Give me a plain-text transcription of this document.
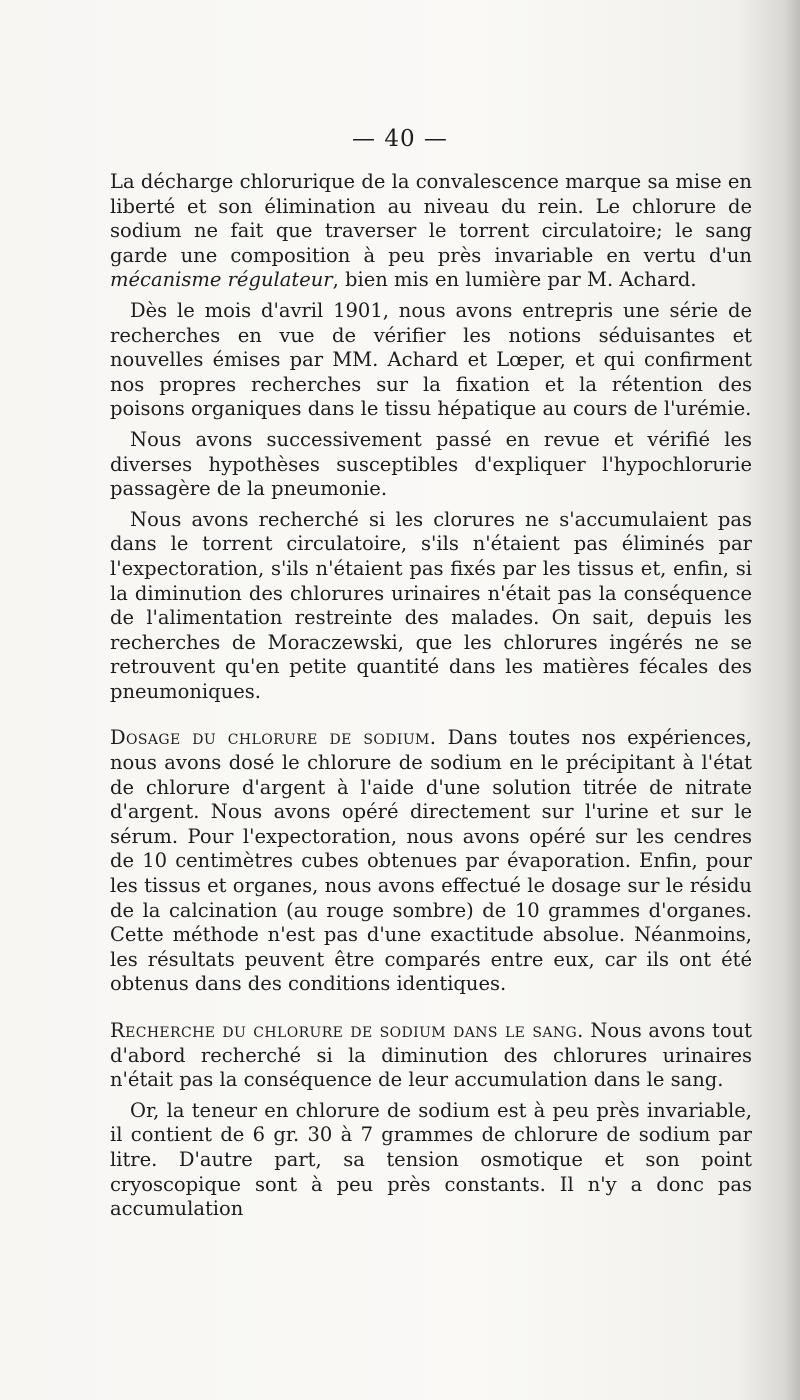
— 40 —

La décharge chlorurique de la convalescence marque sa mise en liberté et son élimination au niveau du rein. Le chlorure de sodium ne fait que traverser le torrent circulatoire; le sang garde une composition à peu près invariable en vertu d'un mécanisme régulateur, bien mis en lumière par M. Achard.

Dès le mois d'avril 1901, nous avons entrepris une série de recherches en vue de vérifier les notions séduisantes et nouvelles émises par MM. Achard et Lœper, et qui confirment nos propres recherches sur la fixation et la rétention des poisons organiques dans le tissu hépatique au cours de l'urémie.

Nous avons successivement passé en revue et vérifié les diverses hypothèses susceptibles d'expliquer l'hypochlorurie passagère de la pneumonie.

Nous avons recherché si les clorures ne s'accumulaient pas dans le torrent circulatoire, s'ils n'étaient pas éliminés par l'expectoration, s'ils n'étaient pas fixés par les tissus et, enfin, si la diminution des chlorures urinaires n'était pas la conséquence de l'alimentation restreinte des malades. On sait, depuis les recherches de Moraczewski, que les chlorures ingérés ne se retrouvent qu'en petite quantité dans les matières fécales des pneumoniques.

Dosage du chlorure de sodium. Dans toutes nos expériences, nous avons dosé le chlorure de sodium en le précipitant à l'état de chlorure d'argent à l'aide d'une solution titrée de nitrate d'argent. Nous avons opéré directement sur l'urine et sur le sérum. Pour l'expectoration, nous avons opéré sur les cendres de 10 centimètres cubes obtenues par évaporation. Enfin, pour les tissus et organes, nous avons effectué le dosage sur le résidu de la calcination (au rouge sombre) de 10 grammes d'organes. Cette méthode n'est pas d'une exactitude absolue. Néanmoins, les résultats peuvent être comparés entre eux, car ils ont été obtenus dans des conditions identiques.

Recherche du chlorure de sodium dans le sang. Nous avons tout d'abord recherché si la diminution des chlorures urinaires n'était pas la conséquence de leur accumulation dans le sang.

Or, la teneur en chlorure de sodium est à peu près invariable, il contient de 6 gr. 30 à 7 grammes de chlorure de sodium par litre. D'autre part, sa tension osmotique et son point cryoscopique sont à peu près constants. Il n'y a donc pas accumulation
